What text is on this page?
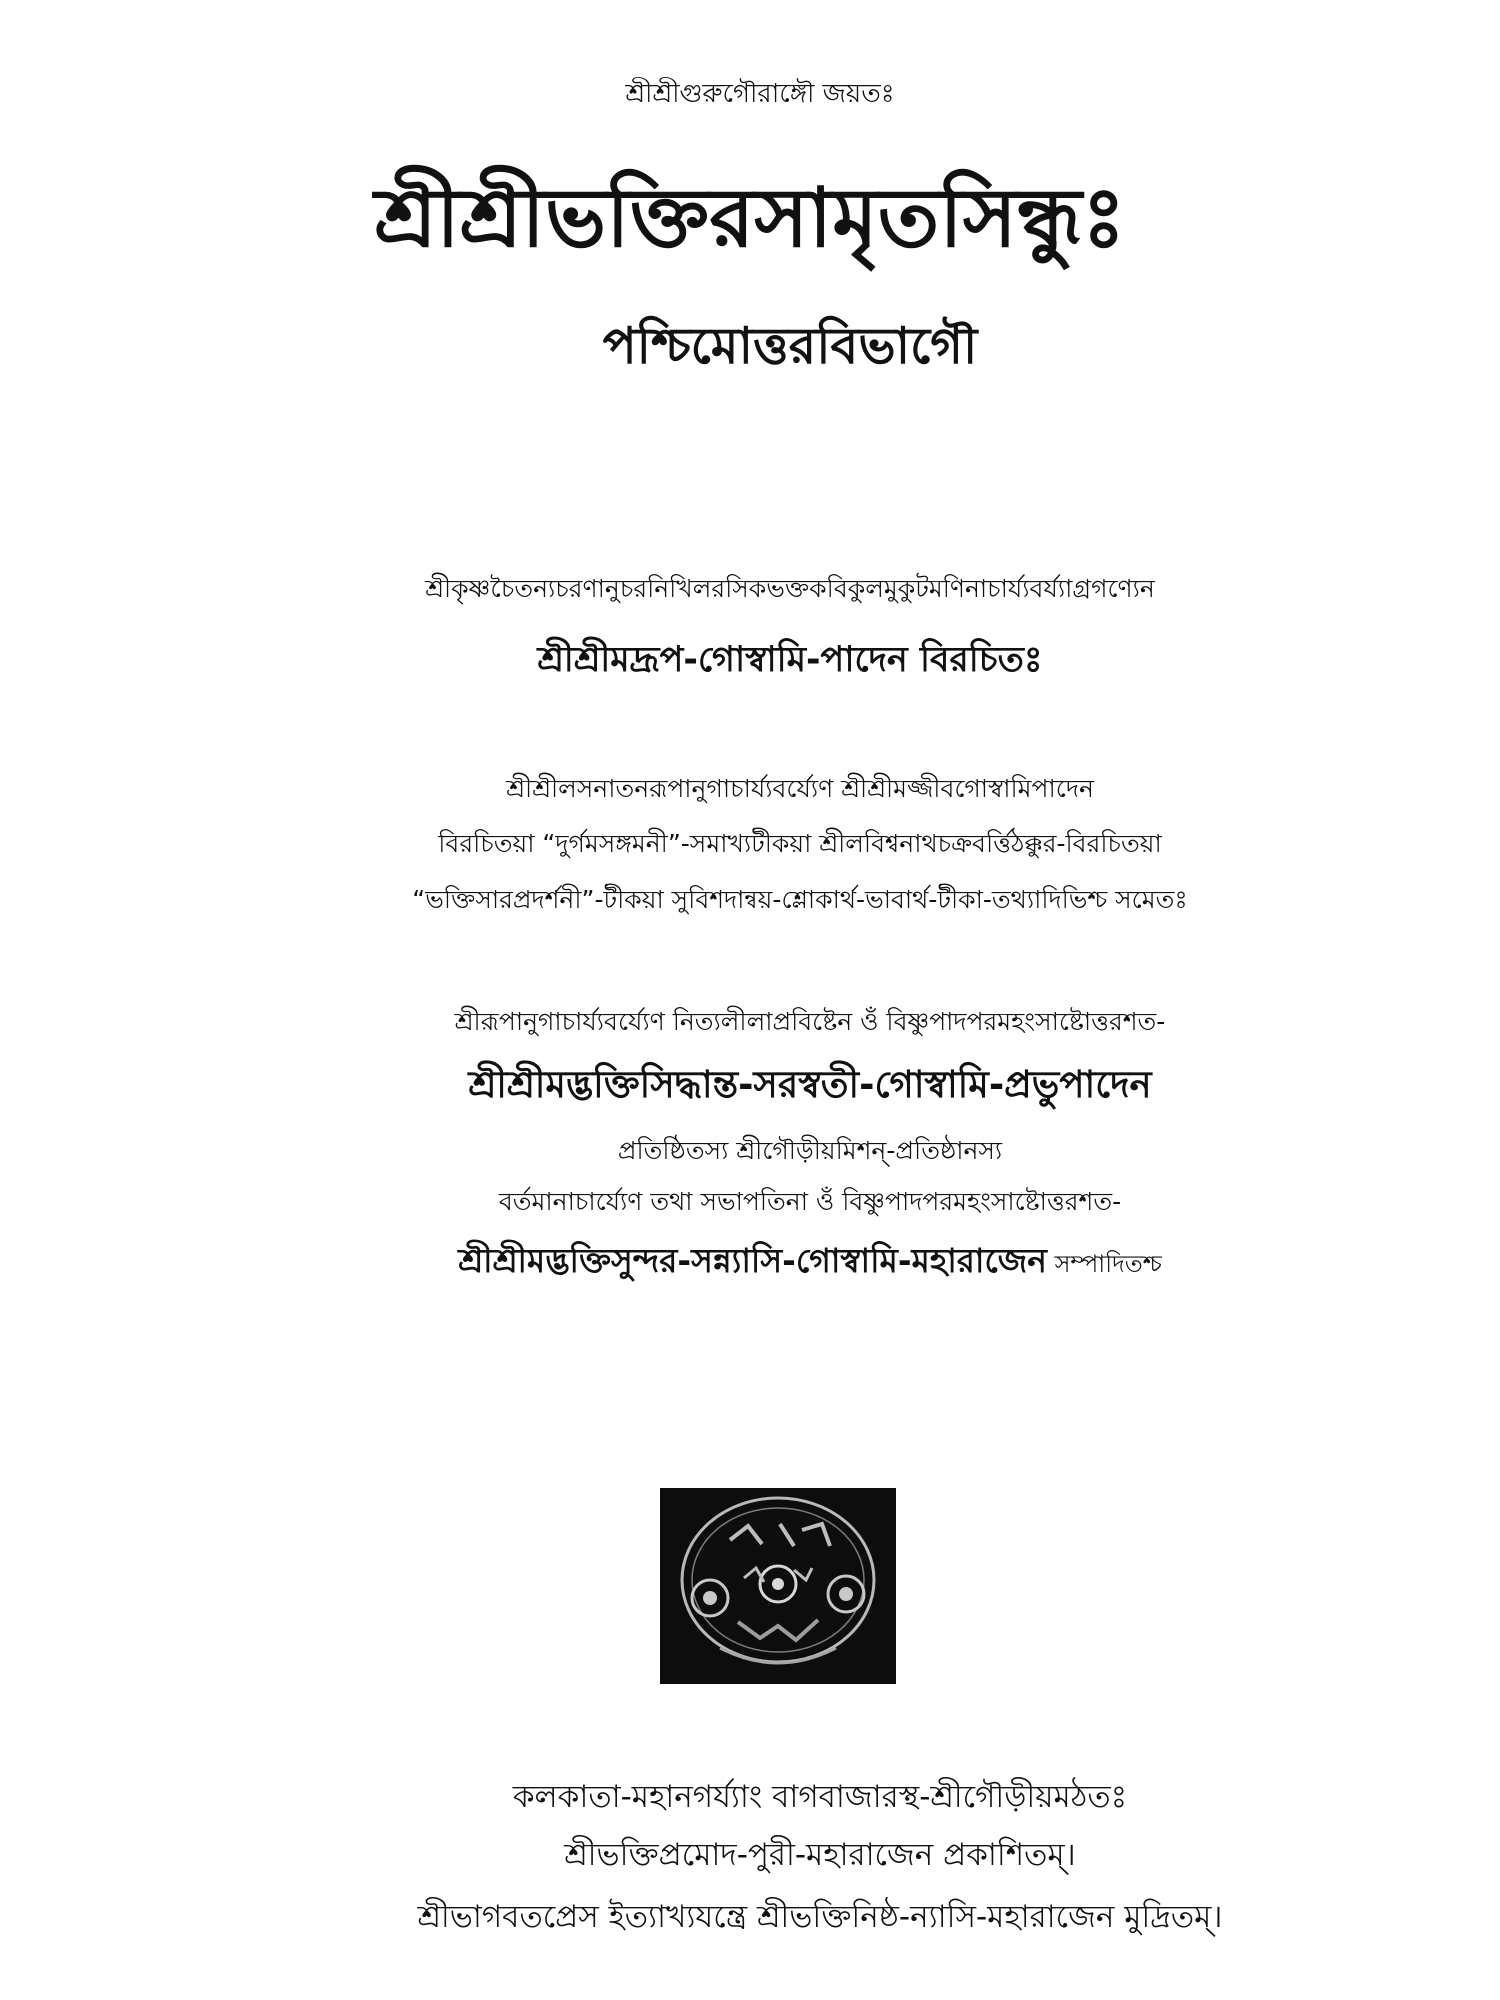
শ্রীশ্রীগুরুগৌরাঙ্গৌ জয়তঃ
শ্রীশ্রীভক্তিরসামৃতসিন্ধুঃ
পশ্চিমোত্তরবিভাগৌ
শ্রীকৃষ্ণচৈতন্যচরণানুচরনিখিলরসিকভক্তকবিকুলমুকুটমণিনাচার্য্যবর্য্যাগ্রগণ্যেন
শ্রীশ্রীমদ্রূপ-গোস্বামি-পাদেন বিরচিতঃ
শ্রীশ্রীলসনাতনরূপানুগাচার্য্যবর্য্যেণ শ্রীশ্রীমজ্জীবগোস্বামিপাদেন
বিরচিতয়া “দুর্গমসঙ্গমনী”-সমাখ্যটীকয়া শ্রীলবিশ্বনাথচক্রবর্ত্তিঠক্কুর-বিরচিতয়া
“ভক্তিসারপ্রদর্শনী”-টীকয়া সুবিশদান্বয়-শ্লোকার্থ-ভাবার্থ-টীকা-তথ্যাদিভিশ্চ সমেতঃ
শ্রীরূপানুগাচার্য্যবর্য্যেণ নিত্যলীলাপ্রবিষ্টেন ওঁ বিষ্ণুপাদপরমহংসাষ্টোত্তরশত-
শ্রীশ্রীমদ্ভক্তিসিদ্ধান্ত-সরস্বতী-গোস্বামি-প্রভুপাদেন
প্রতিষ্ঠিতস্য শ্রীগৌড়ীয়মিশন্-প্রতিষ্ঠানস্য
বর্তমানাচার্য্যেণ তথা সভাপতিনা ওঁ বিষ্ণুপাদপরমহংসাষ্টোত্তরশত-
শ্রীশ্রীমদ্ভক্তিসুন্দর-সন্ন্যাসি-গোস্বামি-মহারাজেন সম্পাদিতশ্চ
কলকাতা-মহানগর্য্যাং বাগবাজারস্থ-শ্রীগৌড়ীয়মঠতঃ
শ্রীভক্তিপ্রমোদ-পুরী-মহারাজেন প্রকাশিতম্।
শ্রীভাগবতপ্রেস ইত্যাখ্যযন্ত্রে শ্রীভক্তিনিষ্ঠ-ন্যাসি-মহারাজেন মুদ্রিতম্।
